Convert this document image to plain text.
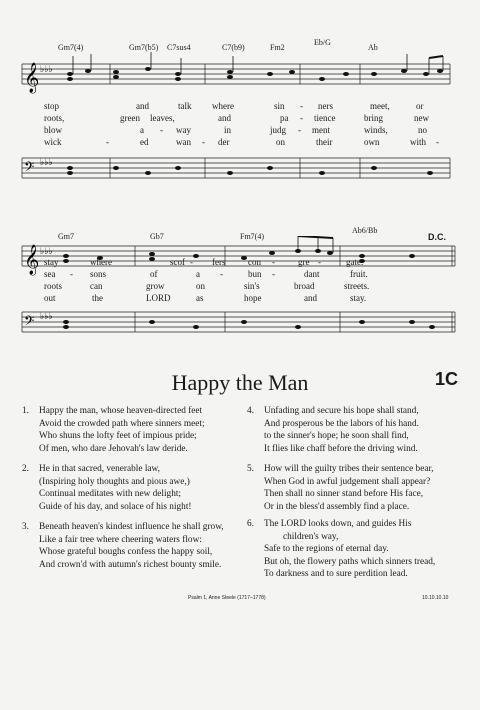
Gm7(4)	Gm7(b5) C7sus4	C7(b9)	Fm2
Eb/G
Ab
𝄞 ♭♭♭
stop	and	talk where	sin - ners	meet,	or
roots,	green leaves,	and	pa - tience	bring	new
blow	a - way	in	judg - ment	winds,	no
wick	-	ed	wan - der	on	their	own	with -
𝄢 ♭♭♭
Gm7	Gb7	Fm7(4)
Ab6/Bb
D.C.
𝄞 ♭♭♭
stay	where	scof - fers	con -	gre -	gate.
sea - sons	of	a -	bun -	dant	fruit.
roots	can	grow	on	sin's	broad	streets.
out	the	LORD	as	hope	and	stay.
𝄢 ♭♭♭
Happy the Man	1C
1.	Happy the man, whose heaven-directed feet
Avoid the crowded path where sinners meet;
Who shuns the lofty feet of impious pride;
Of men, who dare Jehovah's law deride.
2.	He in that sacred, venerable law,
(Inspiring holy thoughts and pious awe,)
Continual meditates with new delight;
Guide of his day, and solace of his night!
3.	Beneath heaven's kindest influence he shall grow,
Like a fair tree where cheering waters flow:
Whose grateful boughs confess the happy soil,
And crown'd with autumn's richest bounty smile.
4.	Unfading and secure his hope shall stand,
And prosperous be the labors of his hand.
to the sinner's hope; he soon shall find,
It flies like chaff before the driving wind.
5.	How will the guilty tribes their sentence bear,
When God in awful judgement shall appear?
Then shall no sinner stand before His face,
Or in the bless'd assembly find a place.
6.	The LORD looks down, and guides His
children's way,
Safe to the regions of eternal day.
But oh, the flowery paths which sinners tread,
To darkness and to sure perdition lead.
Psalm 1, Anne Steele (1717–1778)	10.10.10.10
